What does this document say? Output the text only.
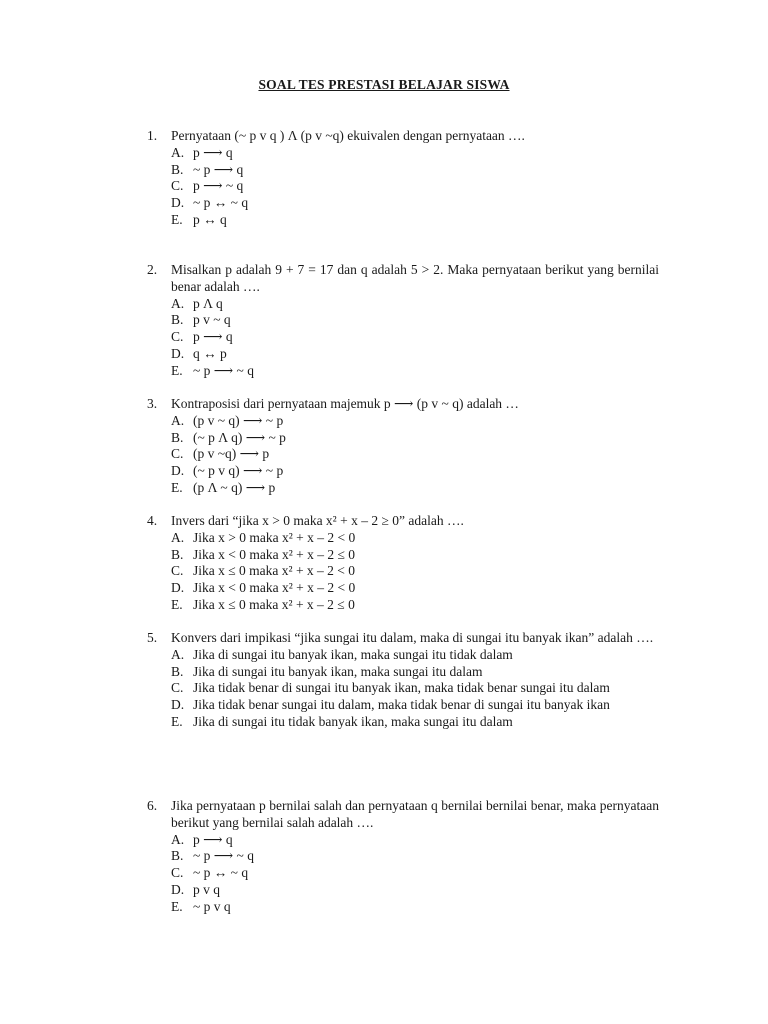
SOAL TES PRESTASI BELAJAR SISWA
1. Pernyataan (~ p v q ) Λ (p v ~q) ekuivalen dengan pernyataan ….
A. p ⟶ q
B. ~ p ⟶ q
C. p ⟶ ~ q
D. ~ p ↔ ~ q
E. p ↔ q
2. Misalkan p adalah 9 + 7 = 17 dan q adalah 5 > 2. Maka pernyataan berikut yang bernilai benar adalah ….
A. p Λ q
B. p v ~ q
C. p ⟶ q
D. q ↔ p
E. ~ p ⟶ ~ q
3. Kontraposisi dari pernyataan majemuk p ⟶ (p v ~ q) adalah …
A. (p v ~ q) ⟶ ~ p
B. (~ p Λ q) ⟶ ~ p
C. (p v ~q) ⟶ p
D. (~ p v q) ⟶ ~ p
E. (p Λ ~ q) ⟶ p
4. Invers dari “jika x > 0 maka x² + x – 2 ≥ 0” adalah ….
A. Jika x > 0 maka x² + x – 2 < 0
B. Jika x < 0 maka x² + x – 2 ≤ 0
C. Jika x ≤ 0 maka x² + x – 2 < 0
D. Jika x < 0 maka x² + x – 2 < 0
E. Jika x ≤ 0 maka x² + x – 2 ≤ 0
5. Konvers dari impikasi “jika sungai itu dalam, maka di sungai itu banyak ikan” adalah ….
A. Jika di sungai itu banyak ikan, maka sungai itu tidak dalam
B. Jika di sungai itu banyak ikan, maka sungai itu dalam
C. Jika tidak benar di sungai itu banyak ikan, maka tidak benar sungai itu dalam
D. Jika tidak benar sungai itu dalam, maka tidak benar di sungai itu banyak ikan
E. Jika di sungai itu tidak banyak ikan, maka sungai itu dalam
6. Jika pernyataan p bernilai salah dan pernyataan q bernilai bernilai benar, maka pernyataan berikut yang bernilai salah adalah ….
A. p ⟶ q
B. ~ p ⟶ ~ q
C. ~ p ↔ ~ q
D. p v q
E. ~ p v q
